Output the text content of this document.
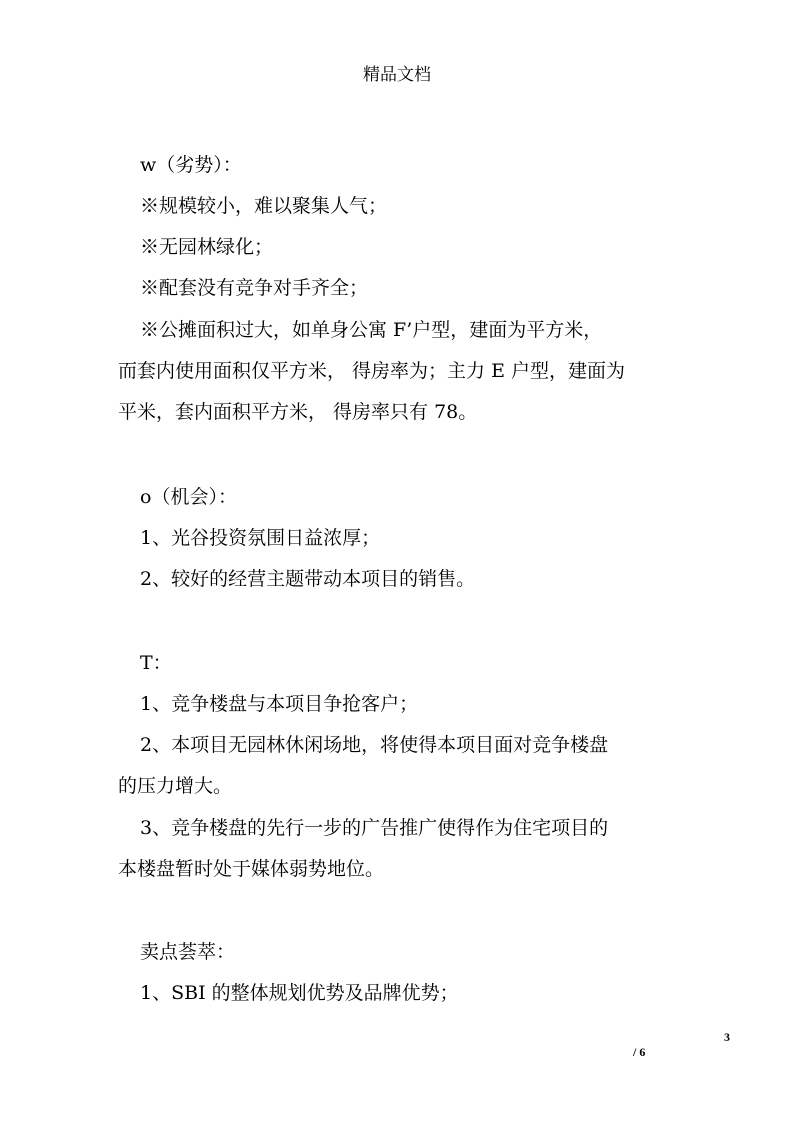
精品文档
w（劣势）：
※规模较小，难以聚集人气；
※无园林绿化；
※配套没有竞争对手齐全；
※公摊面积过大，如单身公寓 F’户型，建面为平方米，
而套内使用面积仅平方米， 得房率为；主力 E 户型，建面为
平米，套内面积平方米， 得房率只有 78。
o（机会）：
1、光谷投资氛围日益浓厚；
2、较好的经营主题带动本项目的销售。
T：
1、竞争楼盘与本项目争抢客户；
2、本项目无园林休闲场地，将使得本项目面对竞争楼盘
的压力增大。
3、竞争楼盘的先行一步的广告推广使得作为住宅项目的
本楼盘暂时处于媒体弱势地位。
卖点荟萃：
1、SBI 的整体规划优势及品牌优势；
3
/ 6
